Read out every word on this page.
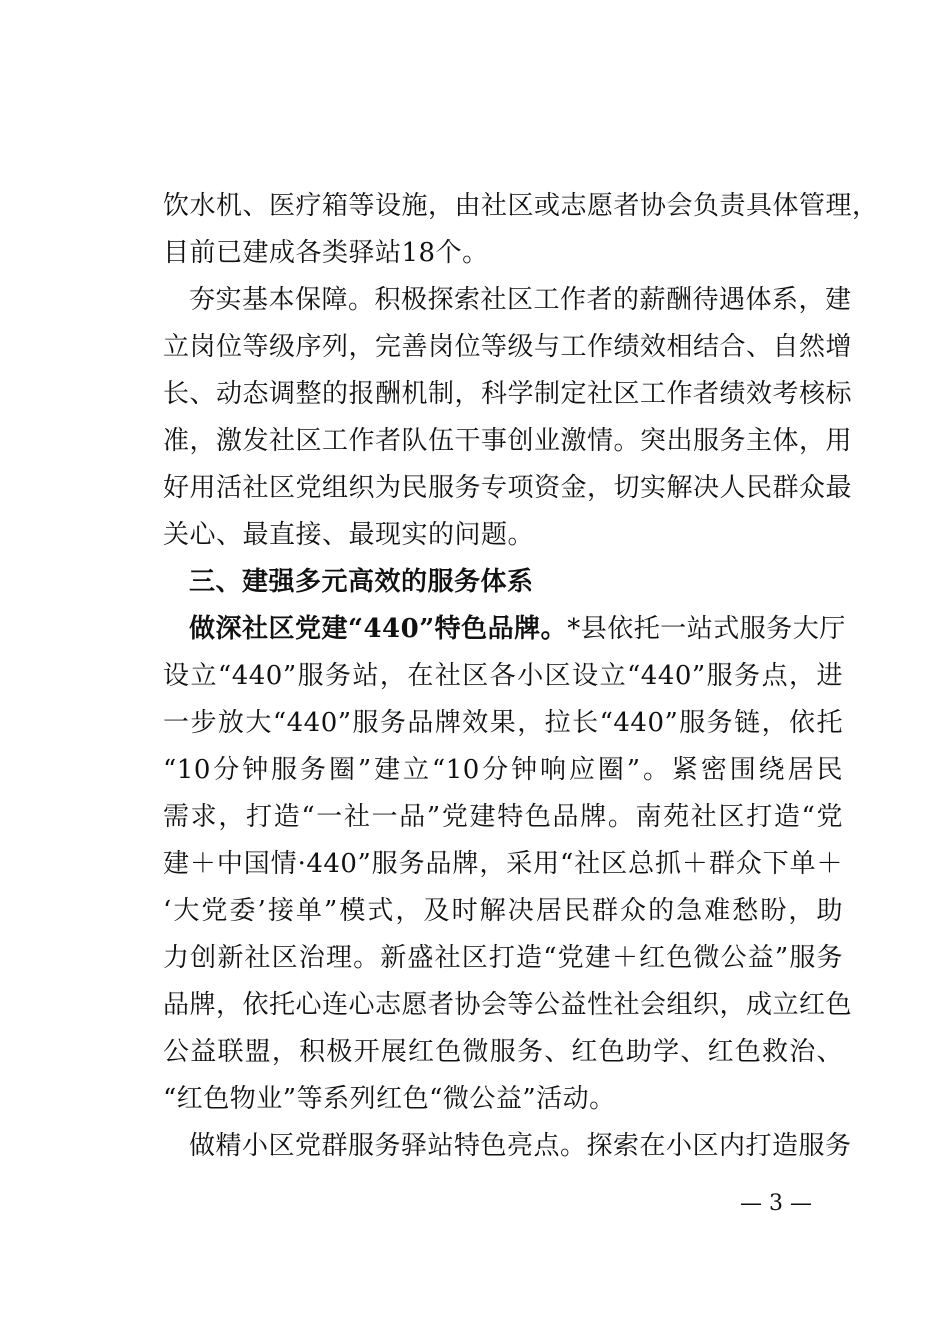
饮水机、医疗箱等设施，由社区或志愿者协会负责具体管理，
目前已建成各类驿站18个。
夯实基本保障。积极探索社区工作者的薪酬待遇体系，建
立岗位等级序列，完善岗位等级与工作绩效相结合、自然增
长、动态调整的报酬机制，科学制定社区工作者绩效考核标
准，激发社区工作者队伍干事创业激情。突出服务主体，用
好用活社区党组织为民服务专项资金，切实解决人民群众最
关心、最直接、最现实的问题。
三、建强多元高效的服务体系
做深社区党建“440”特色品牌。 *县依托一站式服务大厅
设立“440”服务站，在社区各小区设立“440”服务点，进
一步放大“440”服务品牌效果，拉长“440”服务链，依托
“10分钟服务圈”建立“10分钟响应圈”。紧密围绕居民
需求，打造“一社一品”党建特色品牌。南苑社区打造“党
建＋中国情·440”服务品牌，采用“社区总抓＋群众下单＋
‘大党委’接单”模式，及时解决居民群众的急难愁盼，助
力创新社区治理。新盛社区打造“党建＋红色微公益”服务
品牌，依托心连心志愿者协会等公益性社会组织，成立红色
公益联盟，积极开展红色微服务、红色助学、红色救治、
“红色物业”等系列红色“微公益”活动。
做精小区党群服务驿站特色亮点。探索在小区内打造服务
— 3 —
